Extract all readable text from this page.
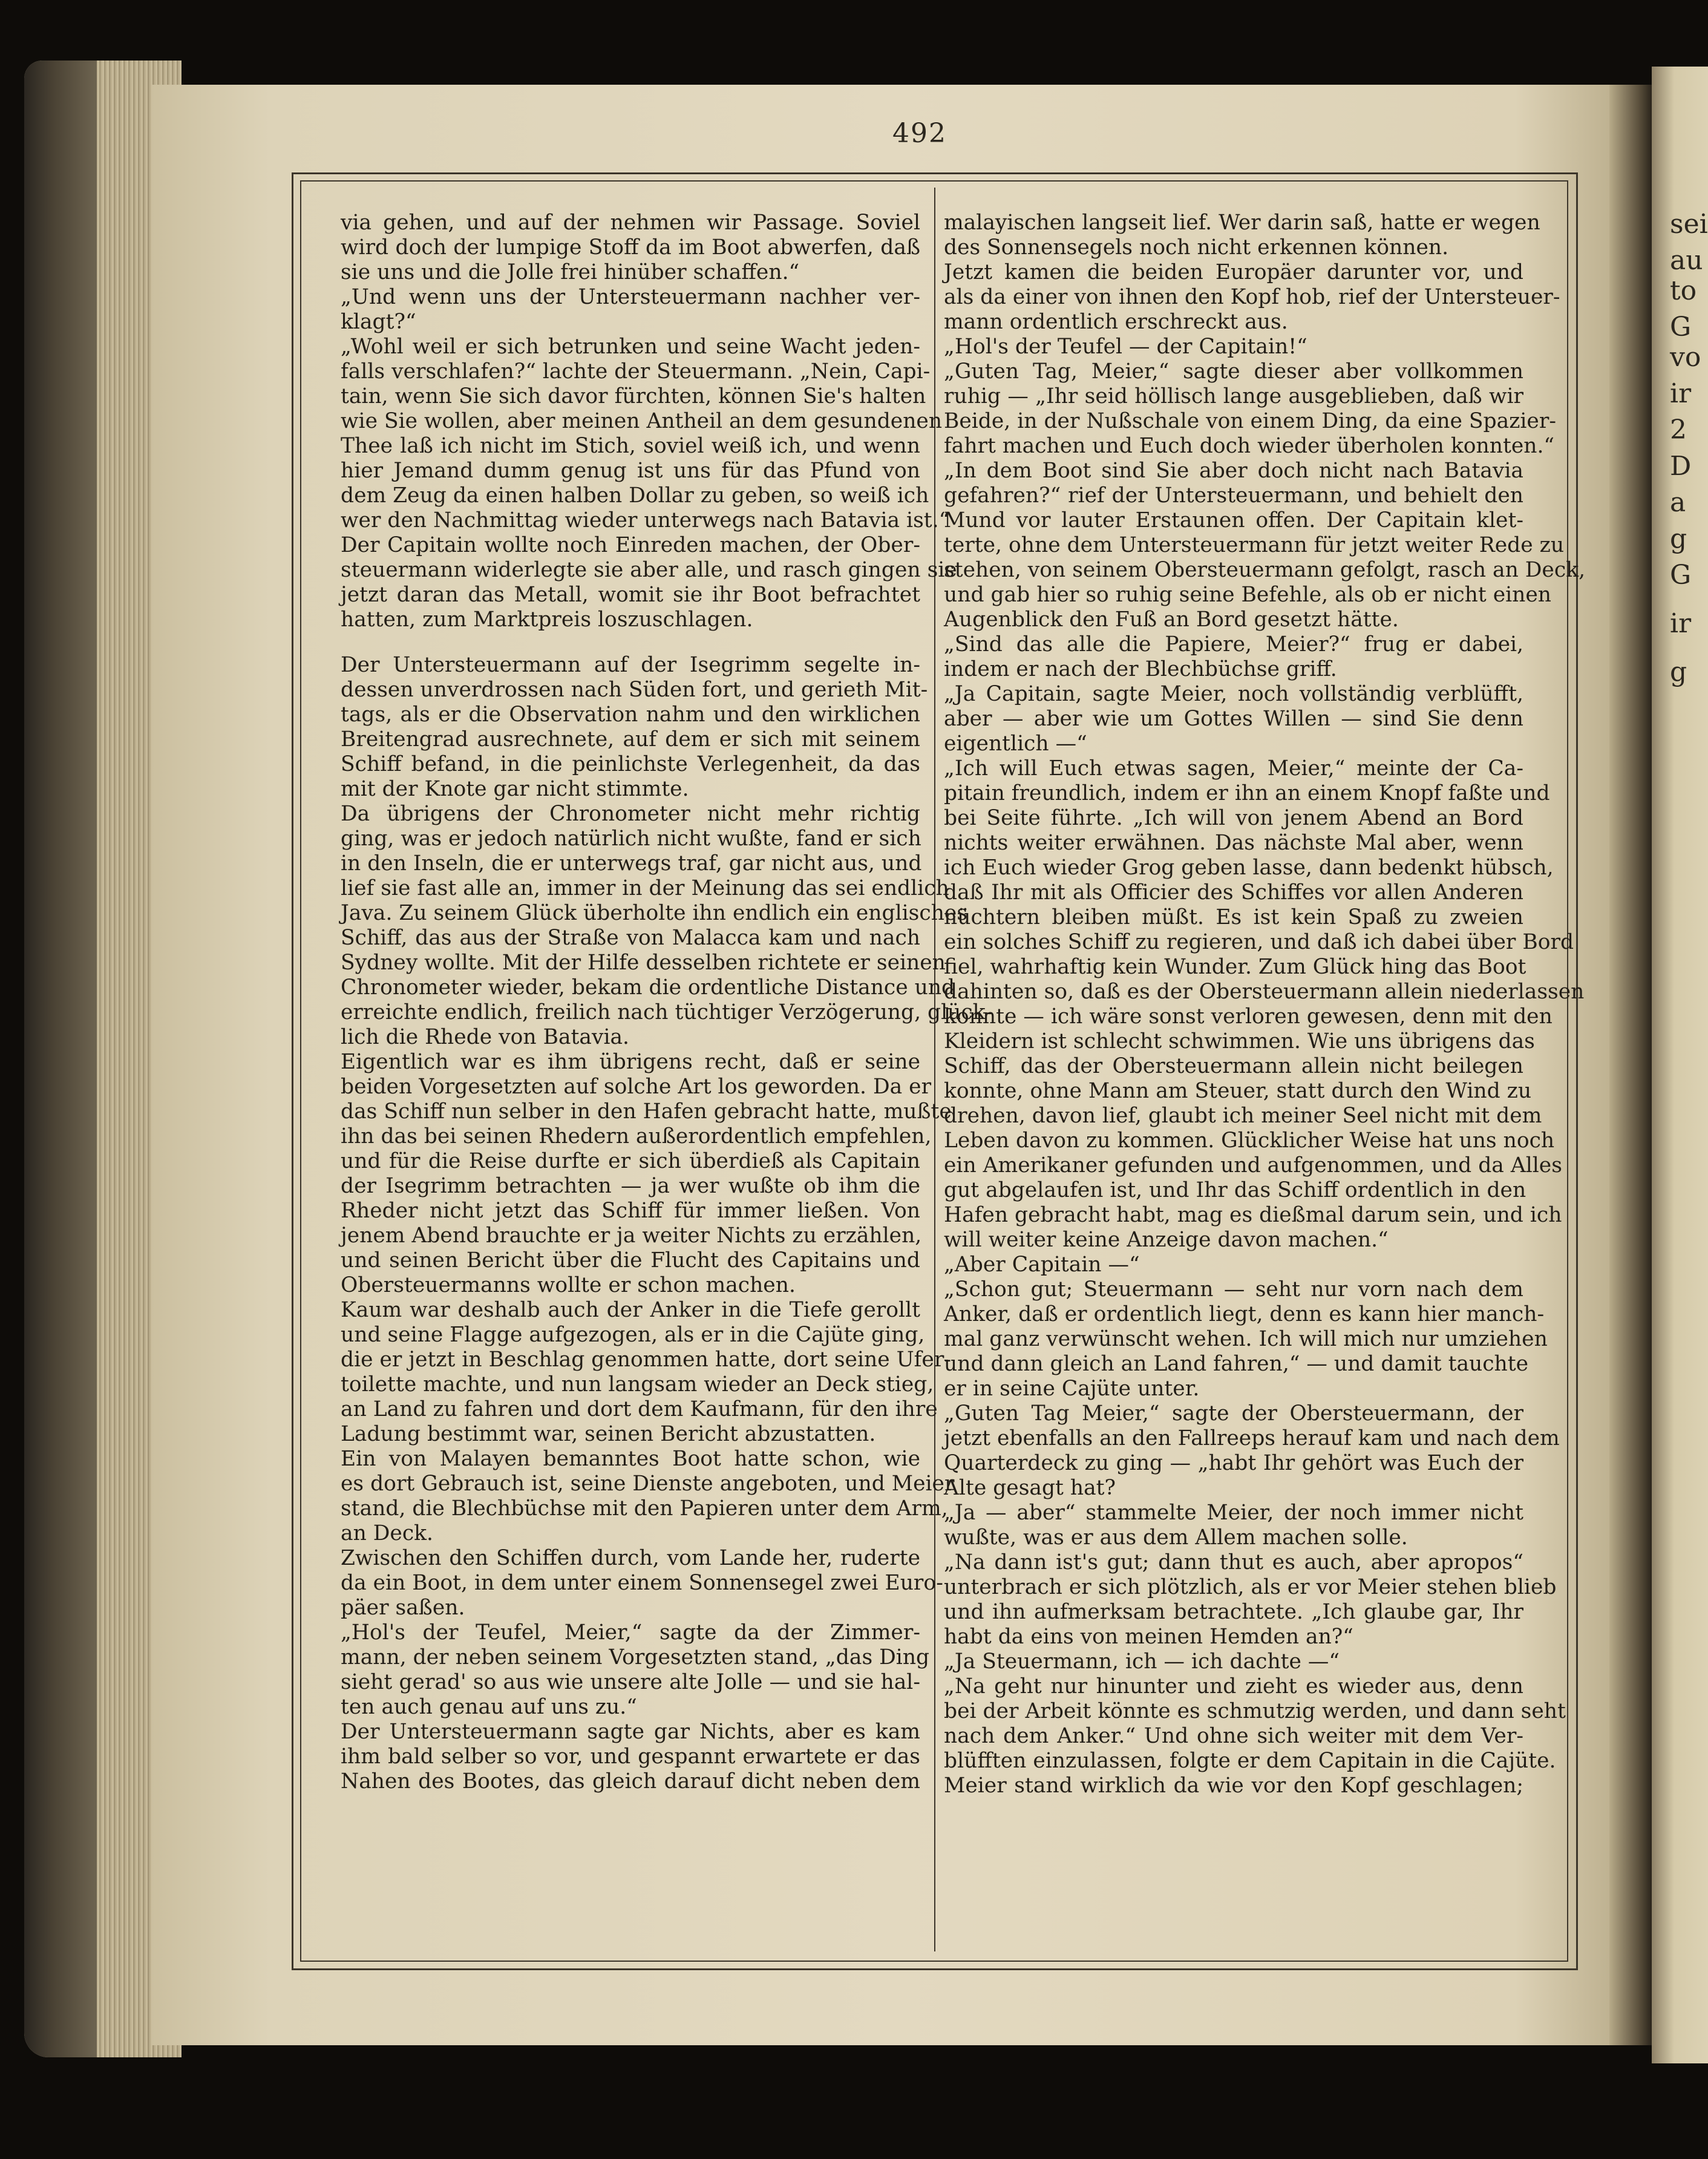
sei
au
to
G
vo
ir
2
D
a
g
G
ir
g
492
via gehen, und auf der nehmen wir Passage. Soviel
wird doch der lumpige Stoff da im Boot abwerfen, daß
sie uns und die Jolle frei hinüber schaffen.“
„Und wenn uns der Untersteuermann nachher ver-
klagt?“
„Wohl weil er sich betrunken und seine Wacht jeden-
falls verschlafen?“ lachte der Steuermann. „Nein, Capi-
tain, wenn Sie sich davor fürchten, können Sie's halten
wie Sie wollen, aber meinen Antheil an dem gesundenen
Thee laß ich nicht im Stich, soviel weiß ich, und wenn
hier Jemand dumm genug ist uns für das Pfund von
dem Zeug da einen halben Dollar zu geben, so weiß ich
wer den Nachmittag wieder unterwegs nach Batavia ist.“
Der Capitain wollte noch Einreden machen, der Ober-
steuermann widerlegte sie aber alle, und rasch gingen sie
jetzt daran das Metall, womit sie ihr Boot befrachtet
hatten, zum Marktpreis loszuschlagen.
Der Untersteuermann auf der Isegrimm segelte in-
dessen unverdrossen nach Süden fort, und gerieth Mit-
tags, als er die Observation nahm und den wirklichen
Breitengrad ausrechnete, auf dem er sich mit seinem
Schiff befand, in die peinlichste Verlegenheit, da das
mit der Knote gar nicht stimmte.
Da übrigens der Chronometer nicht mehr richtig
ging, was er jedoch natürlich nicht wußte, fand er sich
in den Inseln, die er unterwegs traf, gar nicht aus, und
lief sie fast alle an, immer in der Meinung das sei endlich
Java. Zu seinem Glück überholte ihn endlich ein englisches
Schiff, das aus der Straße von Malacca kam und nach
Sydney wollte. Mit der Hilfe desselben richtete er seinen
Chronometer wieder, bekam die ordentliche Distance und
erreichte endlich, freilich nach tüchtiger Verzögerung, glück-
lich die Rhede von Batavia.
Eigentlich war es ihm übrigens recht, daß er seine
beiden Vorgesetzten auf solche Art los geworden. Da er
das Schiff nun selber in den Hafen gebracht hatte, mußte
ihn das bei seinen Rhedern außerordentlich empfehlen,
und für die Reise durfte er sich überdieß als Capitain
der Isegrimm betrachten — ja wer wußte ob ihm die
Rheder nicht jetzt das Schiff für immer ließen. Von
jenem Abend brauchte er ja weiter Nichts zu erzählen,
und seinen Bericht über die Flucht des Capitains und
Obersteuermanns wollte er schon machen.
Kaum war deshalb auch der Anker in die Tiefe gerollt
und seine Flagge aufgezogen, als er in die Cajüte ging,
die er jetzt in Beschlag genommen hatte, dort seine Ufer-
toilette machte, und nun langsam wieder an Deck stieg,
an Land zu fahren und dort dem Kaufmann, für den ihre
Ladung bestimmt war, seinen Bericht abzustatten.
Ein von Malayen bemanntes Boot hatte schon, wie
es dort Gebrauch ist, seine Dienste angeboten, und Meier
stand, die Blechbüchse mit den Papieren unter dem Arm,
an Deck.
Zwischen den Schiffen durch, vom Lande her, ruderte
da ein Boot, in dem unter einem Sonnensegel zwei Euro-
päer saßen.
„Hol's der Teufel, Meier,“ sagte da der Zimmer-
mann, der neben seinem Vorgesetzten stand, „das Ding
sieht gerad' so aus wie unsere alte Jolle — und sie hal-
ten auch genau auf uns zu.“
Der Untersteuermann sagte gar Nichts, aber es kam
ihm bald selber so vor, und gespannt erwartete er das
Nahen des Bootes, das gleich darauf dicht neben dem
malayischen langseit lief. Wer darin saß, hatte er wegen
des Sonnensegels noch nicht erkennen können.
Jetzt kamen die beiden Europäer darunter vor, und
als da einer von ihnen den Kopf hob, rief der Untersteuer-
mann ordentlich erschreckt aus.
„Hol's der Teufel — der Capitain!“
„Guten Tag, Meier,“ sagte dieser aber vollkommen
ruhig — „Ihr seid höllisch lange ausgeblieben, daß wir
Beide, in der Nußschale von einem Ding, da eine Spazier-
fahrt machen und Euch doch wieder überholen konnten.“
„In dem Boot sind Sie aber doch nicht nach Batavia
gefahren?“ rief der Untersteuermann, und behielt den
Mund vor lauter Erstaunen offen. Der Capitain klet-
terte, ohne dem Untersteuermann für jetzt weiter Rede zu
stehen, von seinem Obersteuermann gefolgt, rasch an Deck,
und gab hier so ruhig seine Befehle, als ob er nicht einen
Augenblick den Fuß an Bord gesetzt hätte.
„Sind das alle die Papiere, Meier?“ frug er dabei,
indem er nach der Blechbüchse griff.
„Ja Capitain, sagte Meier, noch vollständig verblüfft,
aber — aber wie um Gottes Willen — sind Sie denn
eigentlich —“
„Ich will Euch etwas sagen, Meier,“ meinte der Ca-
pitain freundlich, indem er ihn an einem Knopf faßte und
bei Seite führte. „Ich will von jenem Abend an Bord
nichts weiter erwähnen. Das nächste Mal aber, wenn
ich Euch wieder Grog geben lasse, dann bedenkt hübsch,
daß Ihr mit als Officier des Schiffes vor allen Anderen
nüchtern bleiben müßt. Es ist kein Spaß zu zweien
ein solches Schiff zu regieren, und daß ich dabei über Bord
fiel, wahrhaftig kein Wunder. Zum Glück hing das Boot
dahinten so, daß es der Obersteuermann allein niederlassen
konnte — ich wäre sonst verloren gewesen, denn mit den
Kleidern ist schlecht schwimmen. Wie uns übrigens das
Schiff, das der Obersteuermann allein nicht beilegen
konnte, ohne Mann am Steuer, statt durch den Wind zu
drehen, davon lief, glaubt ich meiner Seel nicht mit dem
Leben davon zu kommen. Glücklicher Weise hat uns noch
ein Amerikaner gefunden und aufgenommen, und da Alles
gut abgelaufen ist, und Ihr das Schiff ordentlich in den
Hafen gebracht habt, mag es dießmal darum sein, und ich
will weiter keine Anzeige davon machen.“
„Aber Capitain —“
„Schon gut; Steuermann — seht nur vorn nach dem
Anker, daß er ordentlich liegt, denn es kann hier manch-
mal ganz verwünscht wehen. Ich will mich nur umziehen
und dann gleich an Land fahren,“ — und damit tauchte
er in seine Cajüte unter.
„Guten Tag Meier,“ sagte der Obersteuermann, der
jetzt ebenfalls an den Fallreeps herauf kam und nach dem
Quarterdeck zu ging — „habt Ihr gehört was Euch der
Alte gesagt hat?
„Ja — aber“ stammelte Meier, der noch immer nicht
wußte, was er aus dem Allem machen solle.
„Na dann ist's gut; dann thut es auch, aber apropos“
unterbrach er sich plötzlich, als er vor Meier stehen blieb
und ihn aufmerksam betrachtete. „Ich glaube gar, Ihr
habt da eins von meinen Hemden an?“
„Ja Steuermann, ich — ich dachte —“
„Na geht nur hinunter und zieht es wieder aus, denn
bei der Arbeit könnte es schmutzig werden, und dann seht
nach dem Anker.“ Und ohne sich weiter mit dem Ver-
blüfften einzulassen, folgte er dem Capitain in die Cajüte.
Meier stand wirklich da wie vor den Kopf geschlagen;
